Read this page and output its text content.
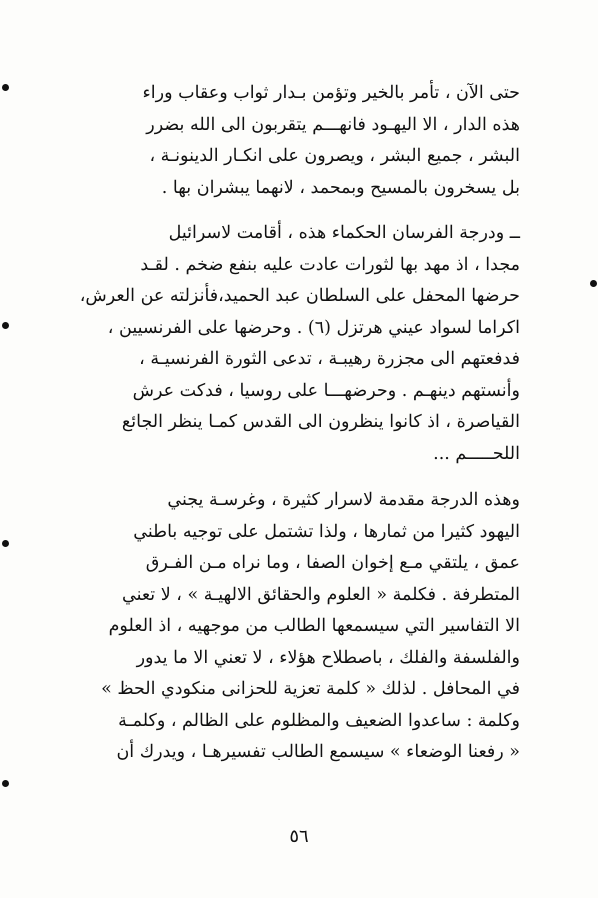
حتى الآن ، تأمر بالخير وتؤمن بـدار ثواب وعقاب وراء
هذه الدار ، الا اليهـود فانهـــم يتقربون الى الله بضرر
البشر ، جميع البشر ، ويصرون على انكـار الدينونـة ،
بل يسخرون بالمسيح وبمحمد ، لانهما يبشران بها .

ــ ودرجة الفرسان الحكماء هذه ، أقامت لاسرائيل
مجدا ، اذ مهد بها لثورات عادت عليه بنفع ضخم . لقـد
حرضها المحفل على السلطان عبد الحميد،فأنزلته عن العرش،
اكراما لسواد عيني هرتزل (٦) . وحرضها على الفرنسيين ،
فدفعتهم الى مجزرة رهيبـة ، تدعى الثورة الفرنسيـة ،
وأنستهم دينهـم . وحرضهـــا على روسيا ، فدكت عرش
القياصرة ، اذ كانوا ينظرون الى القدس كمـا ينظر الجائع
اللحـــــم ...

وهذه الدرجة مقدمة لاسرار كثيرة ، وغرسـة يجني
اليهود كثيرا من ثمارها ، ولذا تشتمل على توجيه باطني
عمق ، يلتقي مـع إخوان الصفا ، وما نراه مـن الفـرق
المتطرفة . فكلمة « العلوم والحقائق الالهيـة » ، لا تعني
الا التفاسير التي سيسمعها الطالب من موجهيه ، اذ العلوم
والفلسفة والفلك ، باصطلاح هؤلاء ، لا تعني الا ما يدور
في المحافل . لذلك « كلمة تعزية للحزانى منكودي الحظ »
وكلمة : ساعدوا الضعيف والمظلوم على الظالم ، وكلمـة
« رفعنا الوضعاء » سيسمع الطالب تفسيرهـا ، ويدرك أن

٥٦
